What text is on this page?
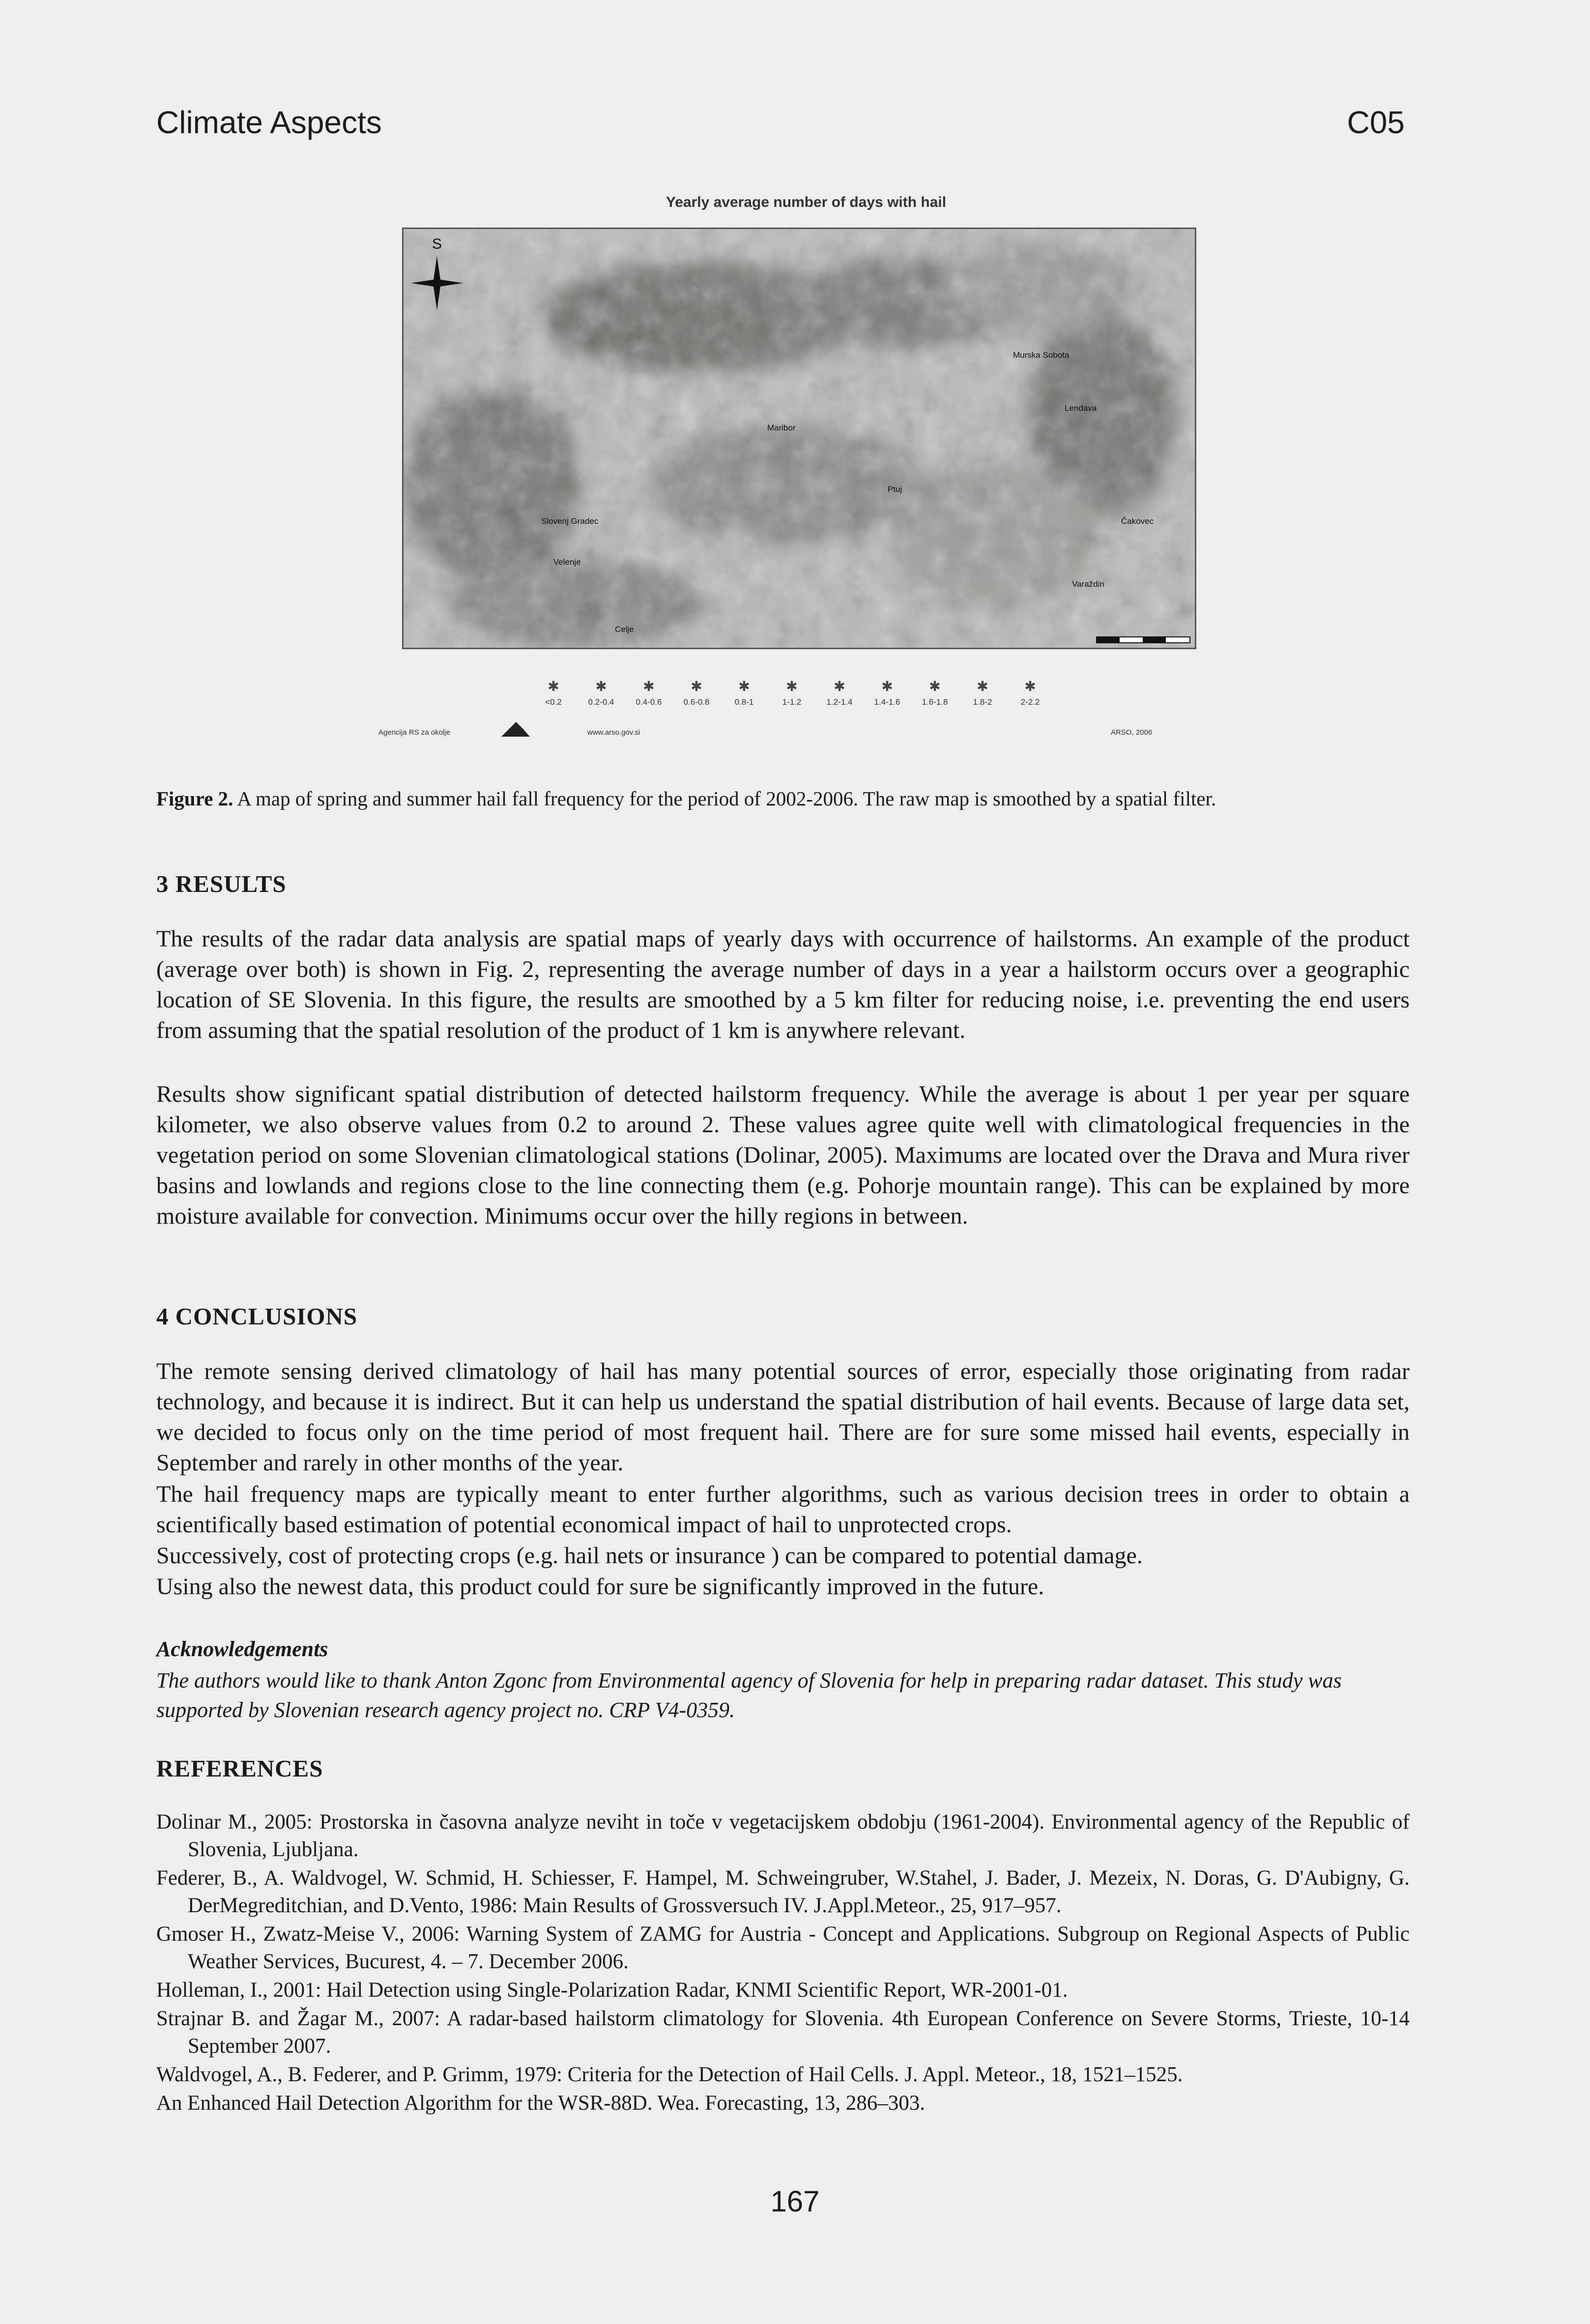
Climate Aspects	C05
Yearly average number of days with hail
S
Maribor
Ptuj
Murska Sobota
Velenje
Celje
Slovenj Gradec
Lendava
Varaždin
Čakovec
✱
<0.2
✱
0.2-0.4
✱
0.4-0.6
✱
0.6-0.8
✱
0.8-1
✱
1-1.2
✱
1.2-1.4
✱
1.4-1.6
✱
1.6-1.8
✱
1.8-2
✱
2-2.2
Agencija RS za okolje	www.arso.gov.si	ARSO, 2006
Figure 2. A map of spring and summer hail fall frequency for the period of 2002-2006. The raw map is smoothed by a spatial filter.
3 RESULTS

The results of the radar data analysis are spatial maps of yearly days with occurrence of hailstorms. An example of the product (average over both) is shown in Fig. 2, representing the average number of days in a year a hailstorm occurs over a geographic location of SE Slovenia. In this figure, the results are smoothed by a 5 km filter for reducing noise, i.e. preventing the end users from assuming that the spatial resolution of the product of 1 km is anywhere relevant.

Results show significant spatial distribution of detected hailstorm frequency. While the average is about 1 per year per square kilometer, we also observe values from 0.2 to around 2. These values agree quite well with climatological frequencies in the vegetation period on some Slovenian climatological stations (Dolinar, 2005). Maximums are located over the Drava and Mura river basins and lowlands and regions close to the line connecting them (e.g. Pohorje mountain range). This can be explained by more moisture available for convection. Minimums occur over the hilly regions in between.

4 CONCLUSIONS

The remote sensing derived climatology of hail has many potential sources of error, especially those originating from radar technology, and because it is indirect. But it can help us understand the spatial distribution of hail events. Because of large data set, we decided to focus only on the time period of most frequent hail. There are for sure some missed hail events, especially in September and rarely in other months of the year.

The hail frequency maps are typically meant to enter further algorithms, such as various decision trees in order to obtain a scientifically based estimation of potential economical impact of hail to unprotected crops.

Successively, cost of protecting crops (e.g. hail nets or insurance ) can be compared to potential damage.

Using also the newest data, this product could for sure be significantly improved in the future.

Acknowledgements

The authors would like to thank Anton Zgonc from Environmental agency of Slovenia for help in preparing radar dataset. This study was supported by Slovenian research agency project no. CRP V4-0359.

REFERENCES

Dolinar M., 2005: Prostorska in časovna analyze neviht in toče v vegetacijskem obdobju (1961-2004). Environmental agency of the Republic of Slovenia, Ljubljana.

Federer, B., A. Waldvogel, W. Schmid, H. Schiesser, F. Hampel, M. Schweingruber, W.Stahel, J. Bader, J. Mezeix, N. Doras, G. D'Aubigny, G. DerMegreditchian, and D.Vento, 1986: Main Results of Grossversuch IV. J.Appl.Meteor., 25, 917–957.

Gmoser H., Zwatz-Meise V., 2006: Warning System of ZAMG for Austria - Concept and Applications. Subgroup on Regional Aspects of Public Weather Services, Bucurest, 4. – 7. December 2006.

Holleman, I., 2001: Hail Detection using Single-Polarization Radar, KNMI Scientific Report, WR-2001-01.

Strajnar B. and Žagar M., 2007: A radar-based hailstorm climatology for Slovenia. 4th European Conference on Severe Storms, Trieste, 10-14 September 2007.

Waldvogel, A., B. Federer, and P. Grimm, 1979: Criteria for the Detection of Hail Cells. J. Appl. Meteor., 18, 1521–1525.

An Enhanced Hail Detection Algorithm for the WSR-88D. Wea. Forecasting, 13, 286–303.

167
